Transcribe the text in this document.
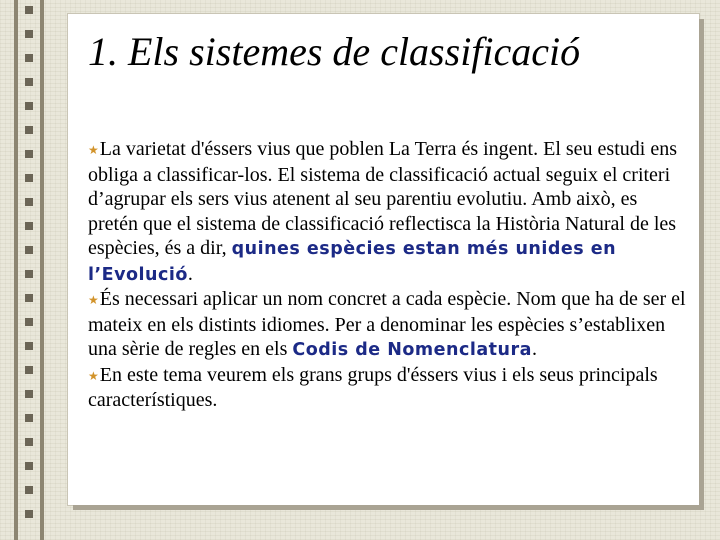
1. Els sistemes de classificació

★La varietat d'éssers vius que poblen La Terra és ingent. El seu estudi ens obliga a classificar-los. El sistema de classificació actual seguix el criteri d’agrupar els sers vius atenent al seu parentiu evolutiu. Amb això, es pretén que el sistema de classificació reflectisca la Història Natural de les espècies, és a dir, quines espècies estan més unides en l’Evolució.

★És necessari aplicar un nom concret a cada espècie. Nom que ha de ser el mateix en els distints idiomes. Per a denominar les espècies s’establixen una sèrie de regles en els Codis de Nomenclatura.

★En este tema veurem els grans grups d'éssers vius i els seus principals característiques.
